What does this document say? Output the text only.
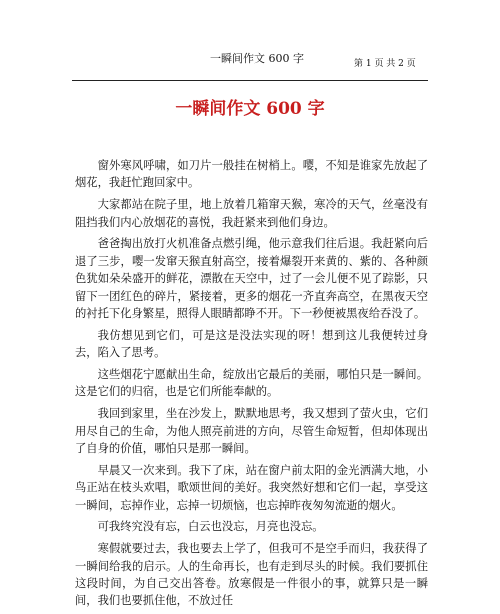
一瞬间作文 600 字	第 1 页 共 2 页
一瞬间作文 600 字

窗外寒风呼啸，如刀片一般挂在树梢上。嘤，不知是谁家先放起了烟花，我赶忙跑回家中。

大家都站在院子里，地上放着几箱窜天猴，寒冷的天气，丝毫没有阻挡我们内心放烟花的喜悦，我赶紧来到他们身边。

爸爸掏出放打火机准备点燃引绳，他示意我们往后退。我赶紧向后退了三步，嘤一发窜天猴直射高空，接着爆裂开来黄的、紫的、各种颜色犹如朵朵盛开的鲜花，漂散在天空中，过了一会儿便不见了踪影，只留下一团红色的碎片，紧接着，更多的烟花一齐直奔高空，在黑夜天空的衬托下化身繁星，照得人眼睛都睁不开。下一秒便被黑夜给吞没了。

我仿想见到它们，可是这是没法实现的呀！想到这儿我便转过身去，陷入了思考。

这些烟花宁愿献出生命，绽放出它最后的美丽，哪怕只是一瞬间。这是它们的归宿，也是它们所能奉献的。

我回到家里，坐在沙发上，默默地思考，我又想到了萤火虫，它们用尽自己的生命，为他人照亮前进的方向，尽管生命短暂，但却体现出了自身的价值，哪怕只是那一瞬间。

早晨又一次来到。我下了床，站在窗户前太阳的金光洒满大地，小鸟正站在枝头欢唱，歌颂世间的美好。我突然好想和它们一起，享受这一瞬间，忘掉作业，忘掉一切烦恼，也忘掉昨夜匆匆流逝的烟火。

可我终究没有忘，白云也没忘，月亮也没忘。

寒假就要过去，我也要去上学了，但我可不是空手而归，我获得了一瞬间给我的启示。人的生命再长，也有走到尽头的时候。我们要抓住这段时间，为自己交出答卷。放寒假是一件很小的事，就算只是一瞬间，我们也要抓住他，不放过任
